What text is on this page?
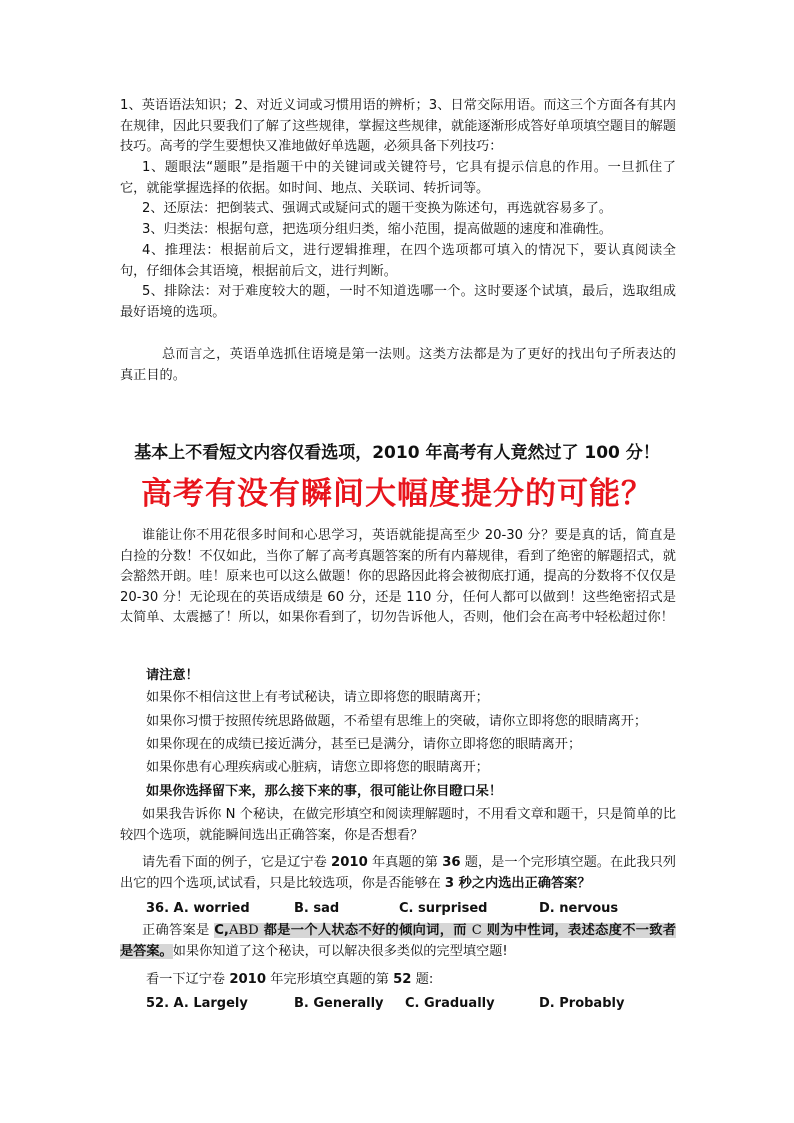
1、英语语法知识；2、对近义词或习惯用语的辨析；3、日常交际用语。而这三个方面各有其内在规律，因此只要我们了解了这些规律，掌握这些规律，就能逐渐形成答好单项填空题目的解题技巧。高考的学生要想快又准地做好单选题，必须具备下列技巧：

1、题眼法“题眼”是指题干中的关键词或关键符号，它具有提示信息的作用。一旦抓住了它，就能掌握选择的依据。如时间、地点、关联词、转折词等。

2、还原法：把倒装式、强调式或疑问式的题干变换为陈述句，再选就容易多了。

3、归类法：根据句意，把选项分组归类，缩小范围，提高做题的速度和准确性。

4、推理法：根据前后文，进行逻辑推理，在四个选项都可填入的情况下，要认真阅读全句，仔细体会其语境，根据前后文，进行判断。

5、排除法：对于难度较大的题，一时不知道选哪一个。这时要逐个试填，最后，选取组成最好语境的选项。

总而言之，英语单选抓住语境是第一法则。这类方法都是为了更好的找出句子所表达的真正目的。

基本上不看短文内容仅看选项，2010 年高考有人竟然过了 100 分！

高考有没有瞬间大幅度提分的可能？

谁能让你不用花很多时间和心思学习，英语就能提高至少 20-30 分？要是真的话，简直是白捡的分数！不仅如此，当你了解了高考真题答案的所有内幕规律，看到了绝密的解题招式，就会豁然开朗。哇！原来也可以这么做题！你的思路因此将会被彻底打通，提高的分数将不仅仅是 20-30 分！无论现在的英语成绩是 60 分，还是 110 分，任何人都可以做到！这些绝密招式是太简单、太震撼了！所以，如果你看到了，切勿告诉他人，否则，他们会在高考中轻松超过你！

请注意！

如果你不相信这世上有考试秘诀，请立即将您的眼睛离开；

如果你习惯于按照传统思路做题，不希望有思维上的突破，请你立即将您的眼睛离开；

如果你现在的成绩已接近满分，甚至已是满分，请你立即将您的眼睛离开；

如果你患有心理疾病或心脏病，请您立即将您的眼睛离开；

如果你选择留下来，那么接下来的事，很可能让你目瞪口呆！

如果我告诉你 N 个秘诀，在做完形填空和阅读理解题时，不用看文章和题干，只是简单的比较四个选项，就能瞬间选出正确答案，你是否想看？

请先看下面的例子，它是辽宁卷 2010 年真题的第 36 题，是一个完形填空题。在此我只列出它的四个选项,试试看，只是比较选项，你是否能够在 3 秒之内选出正确答案？

36. A. worried	B. sad	C. surprised	D. nervous

正确答案是 C,ABD 都是一个人状态不好的倾向词，而 C 则为中性词，表述态度不一致者是答案。如果你知道了这个秘诀，可以解决很多类似的完型填空题!

看一下辽宁卷 2010 年完形填空真题的第 52 题:

52. A. Largely	B. Generally C. Gradually	D. Probably
